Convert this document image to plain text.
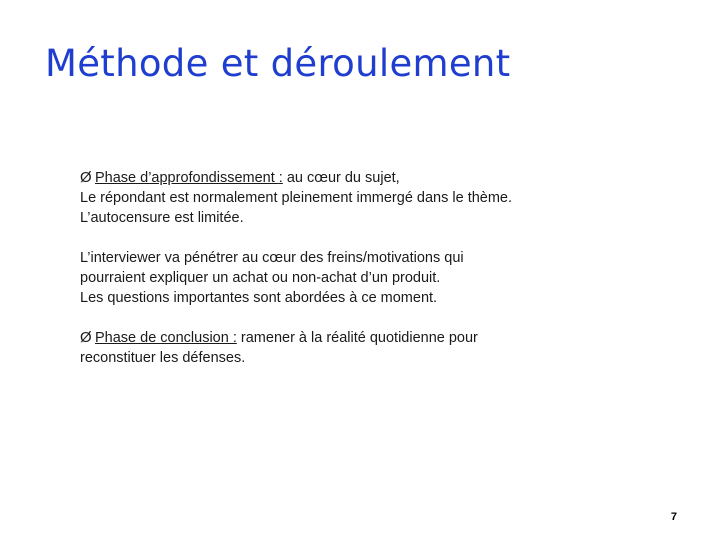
Méthode et déroulement

Ø Phase d’approfondissement : au cœur du sujet,
Le répondant est normalement pleinement immergé dans le thème.
L’autocensure est limitée.

L’interviewer va pénétrer au cœur des freins/motivations qui
pourraient expliquer un achat ou non-achat d’un produit.
Les questions importantes sont abordées à ce moment.

Ø Phase de conclusion : ramener à la réalité quotidienne pour
reconstituer les défenses.

7
